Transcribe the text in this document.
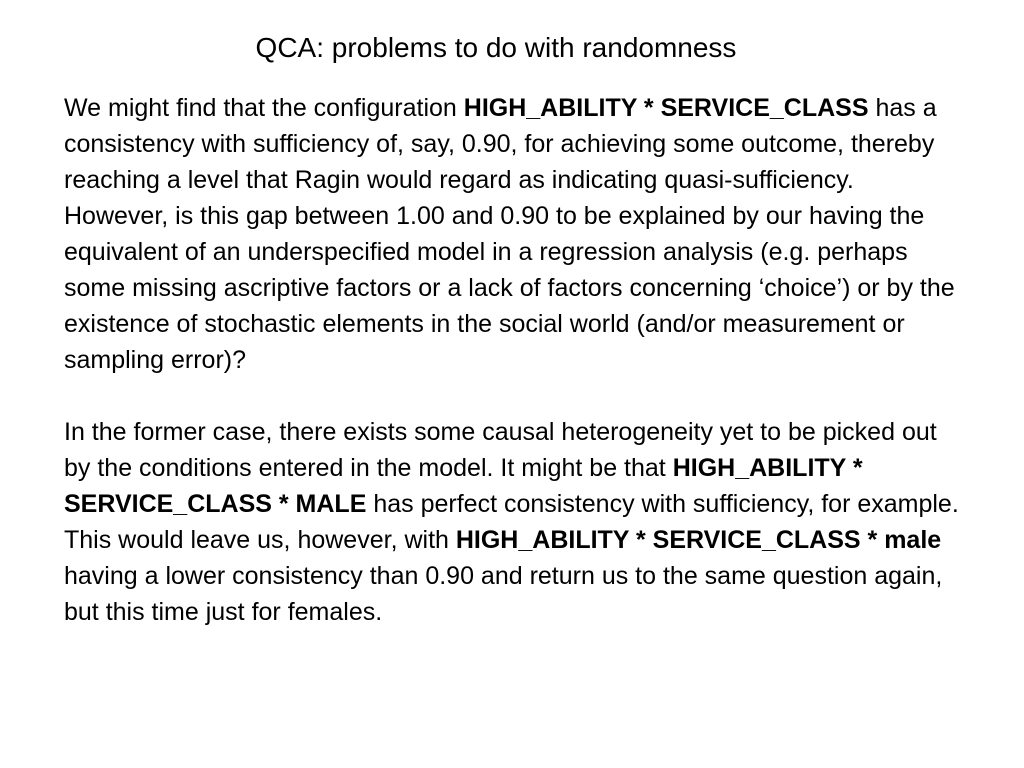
QCA: problems to do with randomness

We might find that the configuration HIGH_ABILITY * SERVICE_CLASS has a consistency with sufficiency of, say, 0.90, for achieving some outcome, thereby reaching a level that Ragin would regard as indicating quasi-sufficiency. However, is this gap between 1.00 and 0.90 to be explained by our having the equivalent of an underspecified model in a regression analysis (e.g. perhaps some missing ascriptive factors or a lack of factors concerning ‘choice’) or by the existence of stochastic elements in the social world (and/or measurement or sampling error)?

In the former case, there exists some causal heterogeneity yet to be picked out by the conditions entered in the model. It might be that HIGH_ABILITY * SERVICE_CLASS * MALE has perfect consistency with sufficiency, for example. This would leave us, however, with HIGH_ABILITY * SERVICE_CLASS * male having a lower consistency than 0.90 and return us to the same question again, but this time just for females.
